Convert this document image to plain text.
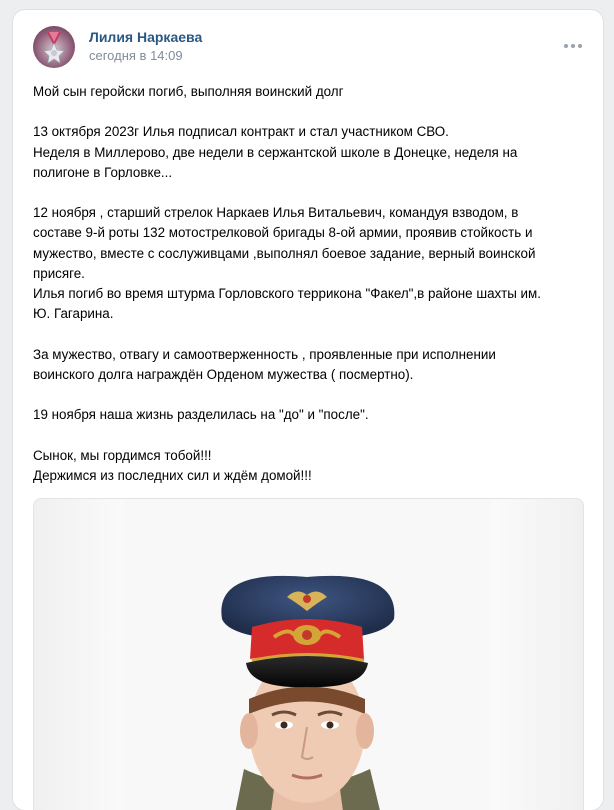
Лилия Наркаева
сегодня в 14:09

Мой сын геройски погиб, выполняя воинский долг

13 октября 2023г Илья подписал контракт и стал участником СВО.

Неделя в Миллерово, две недели в сержантской школе в Донецке, неделя на

полигоне в Горловке...

12 ноября , старший стрелок Наркаев Илья Витальевич, командуя взводом, в

составе 9-й роты 132 мотострелковой бригады 8-ой армии, проявив стойкость и

мужество, вместе с сослуживцами ,выполнял боевое задание, верный воинской

присяге.

Илья погиб во время штурма Горловского терриконa "Факел",в районе шахты им.

Ю. Гагарина.

За мужество, отвагу и самоотверженность , проявленные при исполнении

воинского долга награждён Орденом мужества ( посмертно).

19 ноября наша жизнь разделилась на "до" и "после".

Сынок, мы гордимся тобой!!!

Держимся из последних сил и ждём домой!!!
